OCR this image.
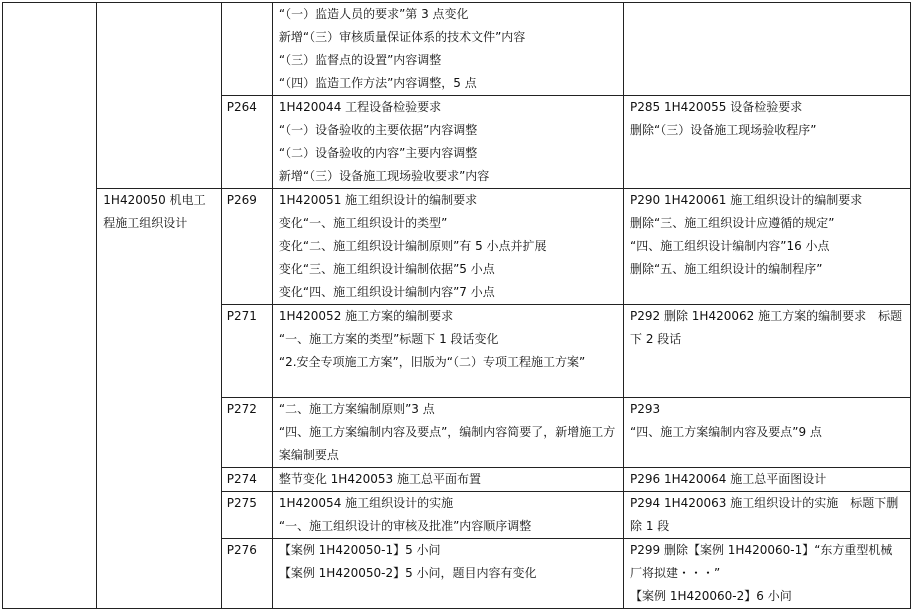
			“（一）监造人员的要求”第 3 点变化
新增“（三）审核质量保证体系的技术文件”内容
“（三）监督点的设置”内容调整
“（四）监造工作方法”内容调整，5 点	

		P264	1H420044 工程设备检验要求
“（一）设备验收的主要依据”内容调整
“（二）设备验收的内容”主要内容调整
新增“（三）设备施工现场验收要求”内容	P285 1H420055 设备检验要求
删除“（三）设备施工现场验收程序”

	1H420050 机电工程施工组织设计	P269	1H420051 施工组织设计的编制要求
变化“一、施工组织设计的类型”
变化“二、施工组织设计编制原则”有 5 小点并扩展
变化“三、施工组织设计编制依据”5 小点
变化“四、施工组织设计编制内容”7 小点	P290 1H420061 施工组织设计的编制要求
删除“三、施工组织设计应遵循的规定”
“四、施工组织设计编制内容”16 小点
删除“五、施工组织设计的编制程序”

		P271	1H420052 施工方案的编制要求
“一、施工方案的类型”标题下 1 段话变化
“2.安全专项施工方案”，旧版为“（二）专项工程施工方案”	P292 删除 1H420062 施工方案的编制要求　标题下 2 段话

		P272	“二、施工方案编制原则”3 点
“四、施工方案编制内容及要点”，编制内容简要了，新增施工方案编制要点	P293
“四、施工方案编制内容及要点”9 点

		P274	整节变化 1H420053 施工总平面布置	P296 1H420064 施工总平面图设计

		P275	1H420054 施工组织设计的实施
“一、施工组织设计的审核及批准”内容顺序调整	P294 1H420063 施工组织设计的实施　标题下删除 1 段

		P276	【案例 1H420050-1】5 小问
【案例 1H420050-2】5 小问，题目内容有变化	P299 删除【案例 1H420060-1】“东方重型机械厂将拟建・・・”
【案例 1H420060-2】6 小问
